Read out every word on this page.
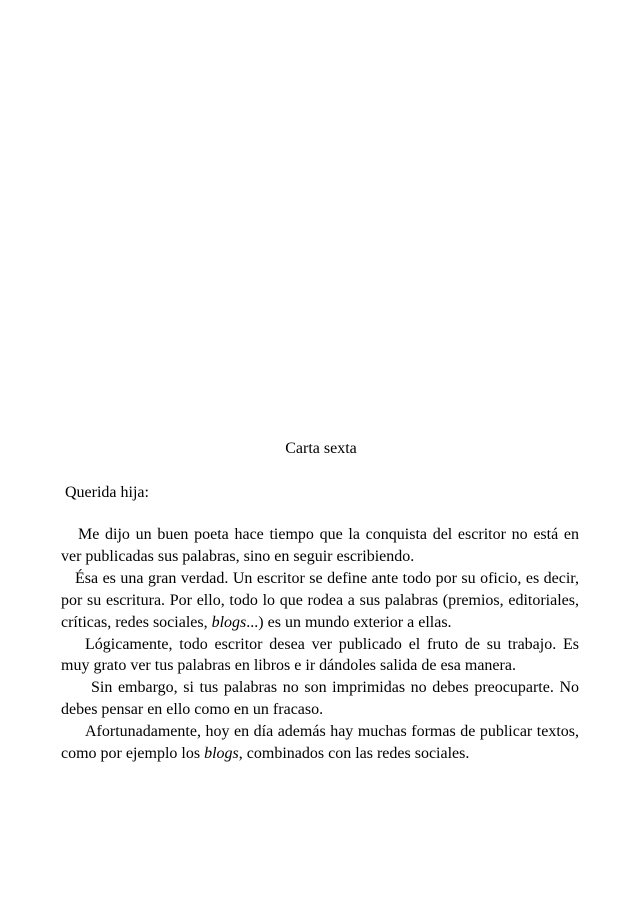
Carta sexta
Querida hija:

Me dijo un buen poeta hace tiempo que la conquista del escritor no está en ver publicadas sus palabras, sino en seguir escribiendo.

Ésa es una gran verdad. Un escritor se define ante todo por su oficio, es decir, por su escritura. Por ello, todo lo que rodea a sus palabras (premios, editoriales, críticas, redes sociales, blogs...) es un mundo exterior a ellas.

Lógicamente, todo escritor desea ver publicado el fruto de su trabajo. Es muy grato ver tus palabras en libros e ir dándoles salida de esa manera.

Sin embargo, si tus palabras no son imprimidas no debes preocuparte. No debes pensar en ello como en un fracaso.

Afortunadamente, hoy en día además hay muchas formas de publicar textos, como por ejemplo los blogs, combinados con las redes sociales.
